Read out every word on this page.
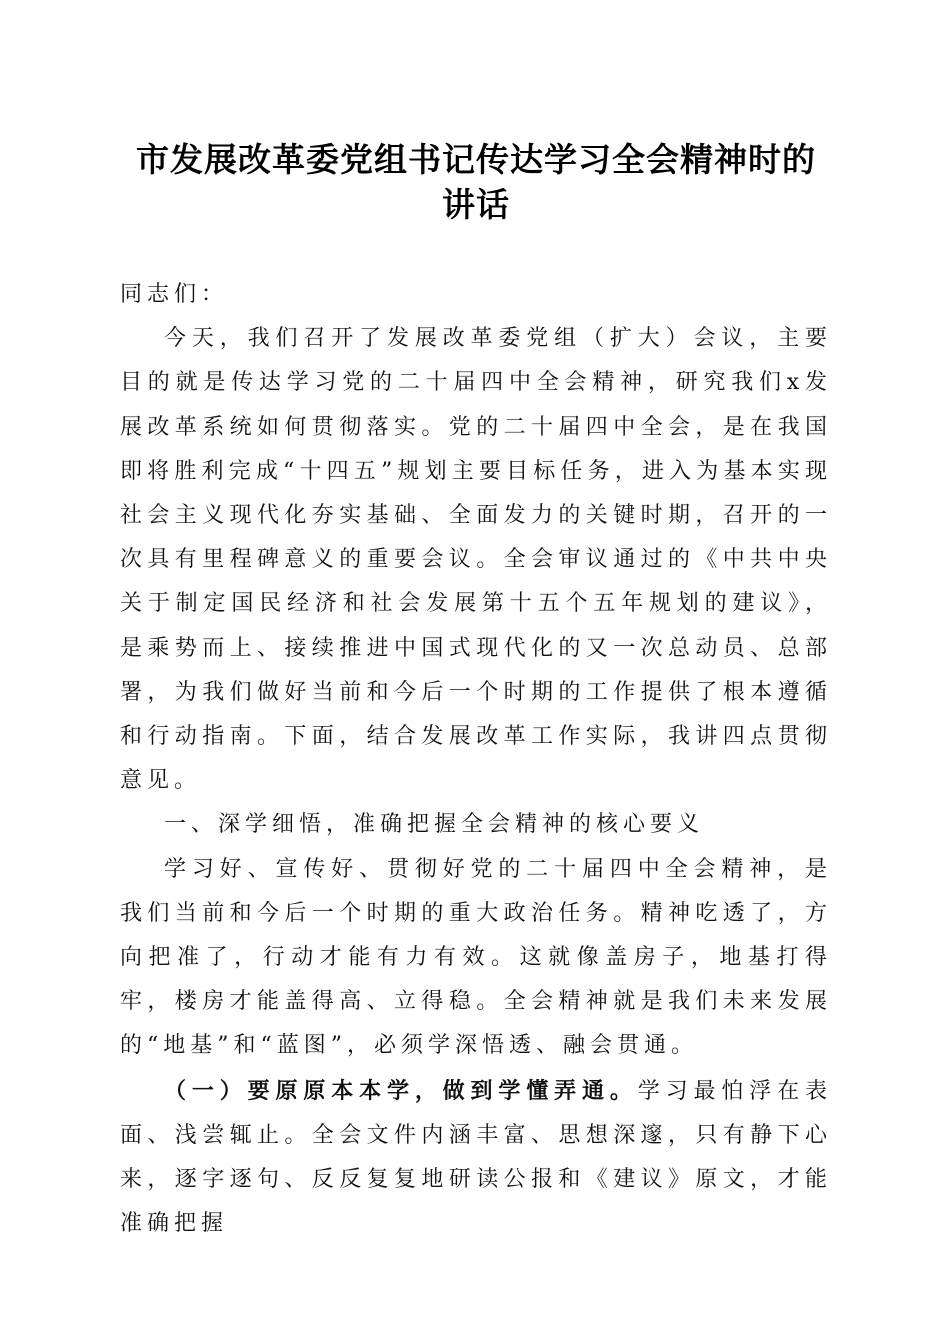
市发展改革委党组书记传达学习全会精神时的
讲话

同志们：

今天，我们召开了发展改革委党组（扩大）会议，主要目的就是传达学习党的二十届四中全会精神，研究我们x发展改革系统如何贯彻落实。党的二十届四中全会，是在我国即将胜利完成“十四五”规划主要目标任务，进入为基本实现社会主义现代化夯实基础、全面发力的关键时期，召开的一次具有里程碑意义的重要会议。全会审议通过的《中共中央关于制定国民经济和社会发展第十五个五年规划的建议》，是乘势而上、接续推进中国式现代化的又一次总动员、总部署，为我们做好当前和今后一个时期的工作提供了根本遵循和行动指南。下面，结合发展改革工作实际，我讲四点贯彻意见。

一、深学细悟，准确把握全会精神的核心要义

学习好、宣传好、贯彻好党的二十届四中全会精神，是我们当前和今后一个时期的重大政治任务。精神吃透了，方向把准了，行动才能有力有效。这就像盖房子，地基打得牢，楼房才能盖得高、立得稳。全会精神就是我们未来发展的“地基”和“蓝图”，必须学深悟透、融会贯通。

（一）要原原本本学，做到学懂弄通。学习最怕浮在表面、浅尝辄止。全会文件内涵丰富、思想深邃，只有静下心来，逐字逐句、反反复复地研读公报和《建议》原文，才能准确把握
